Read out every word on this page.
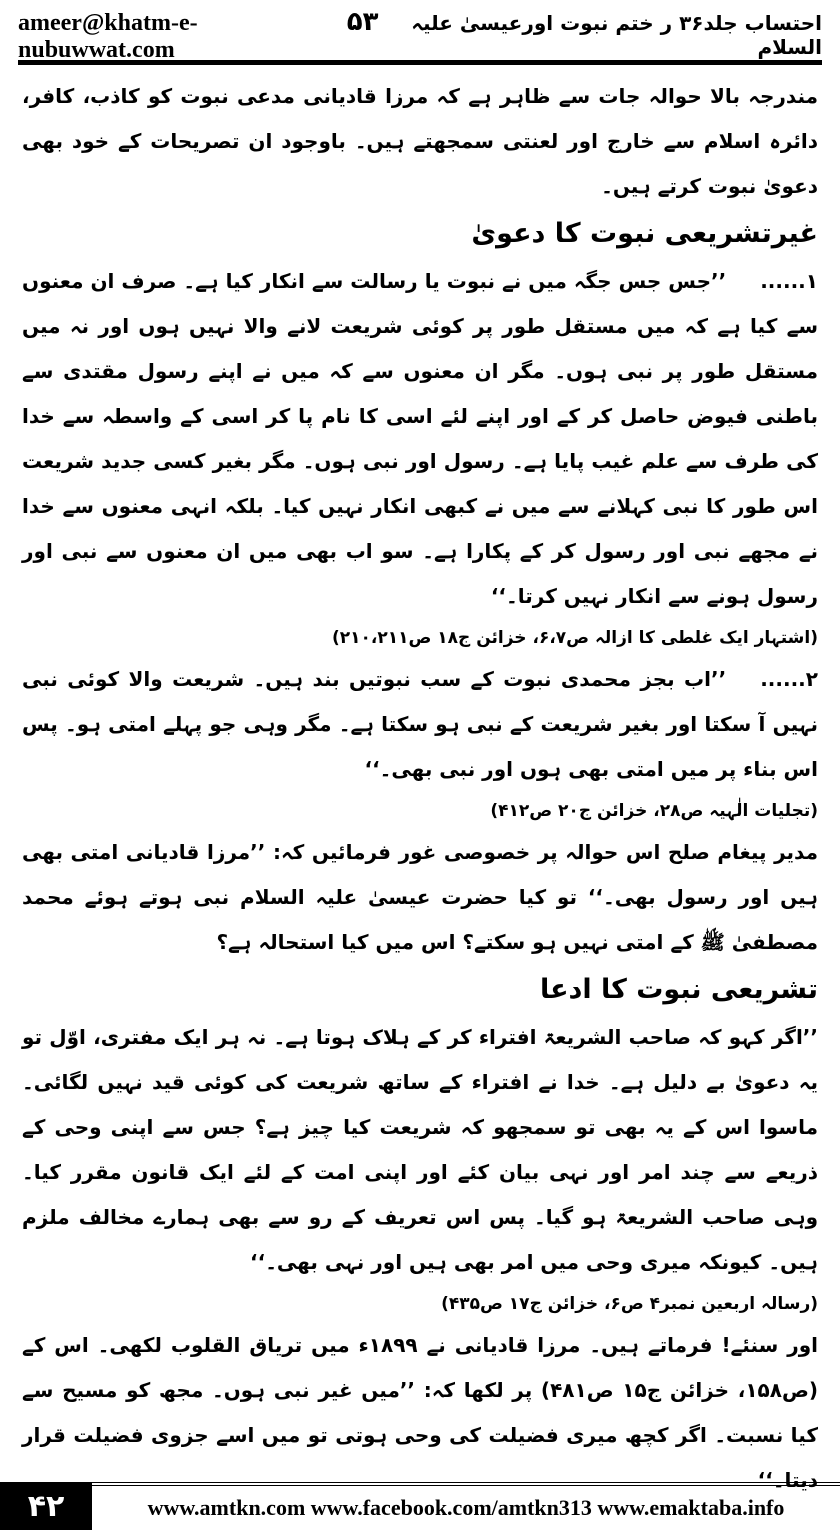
ameer@khatm-e-nubuwwat.com
۵۳	احتساب جلد۳۶ ر ختم نبوت اورعیسیٰ علیہ السلام

مندرجہ بالا حوالہ جات سے ظاہر ہے کہ مرزا قادیانی مدعی نبوت کو کاذب، کافر، دائرہ اسلام سے خارج اور لعنتی سمجھتے ہیں۔ باوجود ان تصریحات کے خود بھی دعویٰ نبوت کرتے ہیں۔

غیرتشریعی نبوت کا دعویٰ

۱......’’جس جس جگہ میں نے نبوت یا رسالت سے انکار کیا ہے۔ صرف ان معنوں سے کیا ہے کہ میں مستقل طور پر کوئی شریعت لانے والا نہیں ہوں اور نہ میں مستقل طور پر نبی ہوں۔ مگر ان معنوں سے کہ میں نے اپنے رسول مقتدی سے باطنی فیوض حاصل کر کے اور اپنے لئے اسی کا نام پا کر اسی کے واسطہ سے خدا کی طرف سے علم غیب پایا ہے۔ رسول اور نبی ہوں۔ مگر بغیر کسی جدید شریعت اس طور کا نبی کہلانے سے میں نے کبھی انکار نہیں کیا۔ بلکہ انہی معنوں سے خدا نے مجھے نبی اور رسول کر کے پکارا ہے۔ سو اب بھی میں ان معنوں سے نبی اور رسول ہونے سے انکار نہیں کرتا۔‘‘

(اشتہار ایک غلطی کا ازالہ ص۶،۷، خزائن ج۱۸ ص۲۱۰،۲۱۱)

۲......’’اب بجز محمدی نبوت کے سب نبوتیں بند ہیں۔ شریعت والا کوئی نبی نہیں آ سکتا اور بغیر شریعت کے نبی ہو سکتا ہے۔ مگر وہی جو پہلے امتی ہو۔ پس اس بناء پر میں امتی بھی ہوں اور نبی بھی۔‘‘

(تجلیات الٰہیہ ص۲۸، خزائن ج۲۰ ص۴۱۲)

مدیر پیغام صلح اس حوالہ پر خصوصی غور فرمائیں کہ: ’’مرزا قادیانی امتی بھی ہیں اور رسول بھی۔‘‘ تو کیا حضرت عیسیٰ علیہ السلام نبی ہوتے ہوئے محمد مصطفیٰ ﷺ کے امتی نہیں ہو سکتے؟ اس میں کیا استحالہ ہے؟

تشریعی نبوت کا ادعا

’’اگر کہو کہ صاحب الشریعۃ افتراء کر کے ہلاک ہوتا ہے۔ نہ ہر ایک مفتری، اوّل تو یہ دعویٰ بے دلیل ہے۔ خدا نے افتراء کے ساتھ شریعت کی کوئی قید نہیں لگائی۔ ماسوا اس کے یہ بھی تو سمجھو کہ شریعت کیا چیز ہے؟ جس سے اپنی وحی کے ذریعے سے چند امر اور نہی بیان کئے اور اپنی امت کے لئے ایک قانون مقرر کیا۔ وہی صاحب الشریعۃ ہو گیا۔ پس اس تعریف کے رو سے بھی ہمارے مخالف ملزم ہیں۔ کیونکہ میری وحی میں امر بھی ہیں اور نہی بھی۔‘‘

(رسالہ اربعین نمبر۴ ص۶، خزائن ج۱۷ ص۴۳۵)

اور سنئے! فرماتے ہیں۔ مرزا قادیانی نے ۱۸۹۹ء میں تریاق القلوب لکھی۔ اس کے (ص۱۵۸، خزائن ج۱۵ ص۴۸۱) پر لکھا کہ: ’’میں غیر نبی ہوں۔ مجھ کو مسیح سے کیا نسبت۔ اگر کچھ میری فضیلت کی وحی ہوتی تو میں اسے جزوی فضیلت قرار دیتا۔‘‘

۴۲	www.amtkn.com www.facebook.com/amtkn313 www.emaktaba.info
